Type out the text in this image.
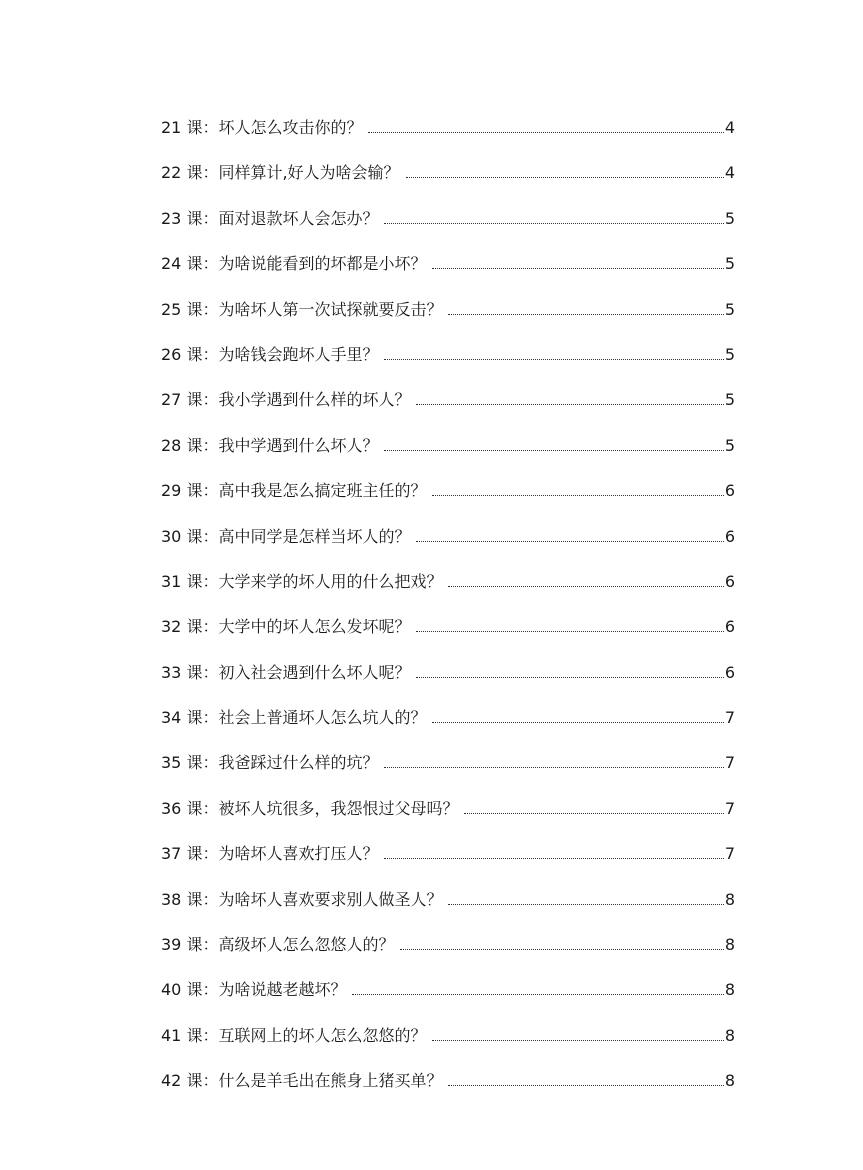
21 课：坏人怎么攻击你的？	4
22 课：同样算计,好人为啥会输？	4
23 课：面对退款坏人会怎办？	5
24 课：为啥说能看到的坏都是小坏？	5
25 课：为啥坏人第一次试探就要反击？	5
26 课：为啥钱会跑坏人手里？	5
27 课：我小学遇到什么样的坏人？	5
28 课：我中学遇到什么坏人？	5
29 课：高中我是怎么搞定班主任的？	6
30 课：高中同学是怎样当坏人的？	6
31 课：大学来学的坏人用的什么把戏？	6
32 课：大学中的坏人怎么发坏呢？	6
33 课：初入社会遇到什么坏人呢？	6
34 课：社会上普通坏人怎么坑人的？	7
35 课：我爸踩过什么样的坑？	7
36 课：被坏人坑很多，我怨恨过父母吗？	7
37 课：为啥坏人喜欢打压人？	7
38 课：为啥坏人喜欢要求别人做圣人？	8
39 课：高级坏人怎么忽悠人的？	8
40 课：为啥说越老越坏？	8
41 课：互联网上的坏人怎么忽悠的？	8
42 课：什么是羊毛出在熊身上猪买单？	8
